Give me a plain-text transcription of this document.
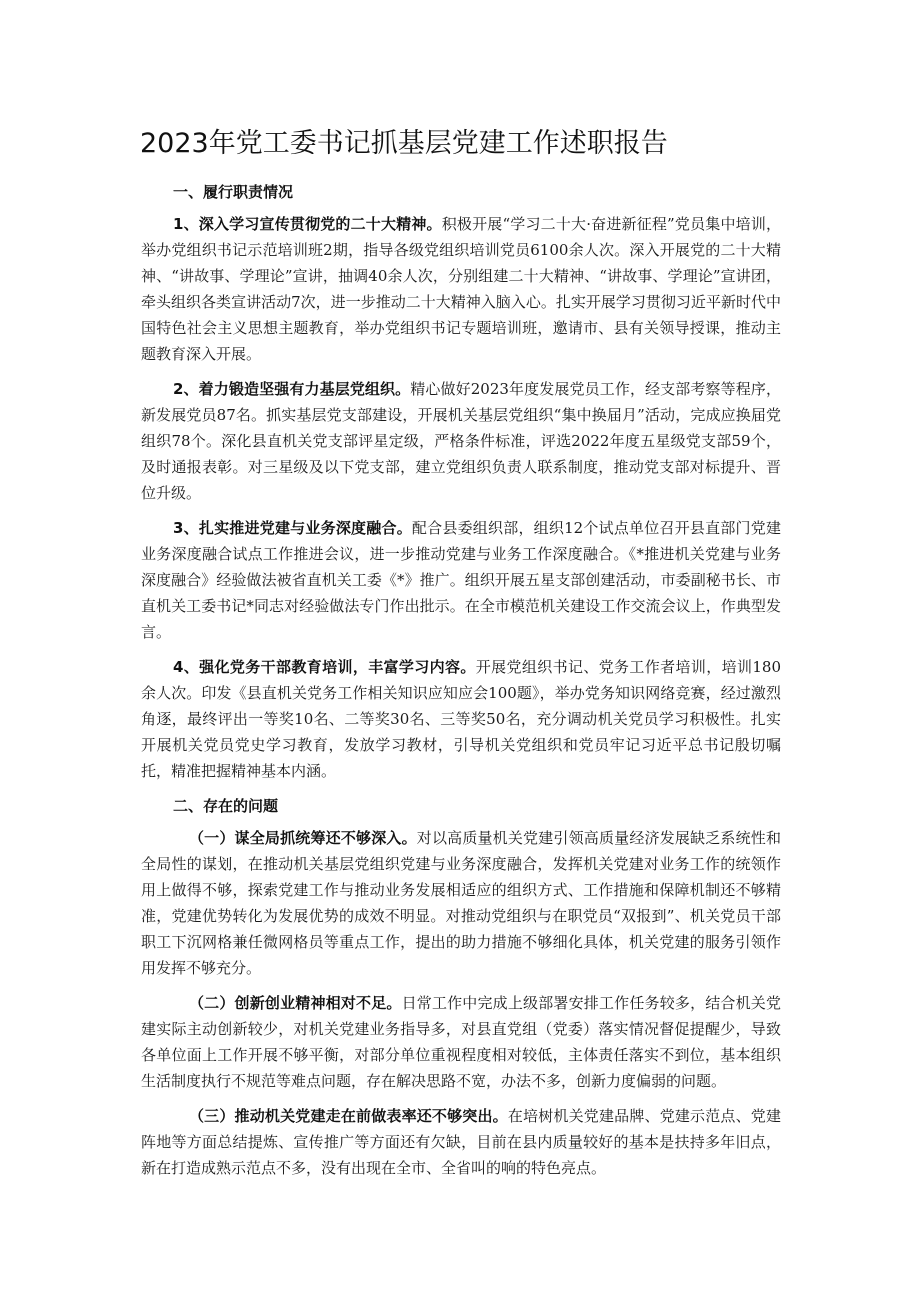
2023年党工委书记抓基层党建工作述职报告

一、履行职责情况

1、深入学习宣传贯彻党的二十大精神。积极开展“学习二十大·奋进新征程”党员集中培训，举办党组织书记示范培训班2期，指导各级党组织培训党员6100余人次。深入开展党的二十大精神、“讲故事、学理论”宣讲，抽调40余人次，分别组建二十大精神、“讲故事、学理论”宣讲团，牵头组织各类宣讲活动7次，进一步推动二十大精神入脑入心。扎实开展学习贯彻习近平新时代中国特色社会主义思想主题教育，举办党组织书记专题培训班，邀请市、县有关领导授课，推动主题教育深入开展。

2、着力锻造坚强有力基层党组织。精心做好2023年度发展党员工作，经支部考察等程序，新发展党员87名。抓实基层党支部建设，开展机关基层党组织“集中换届月”活动，完成应换届党组织78个。深化县直机关党支部评星定级，严格条件标准，评选2022年度五星级党支部59个，及时通报表彰。对三星级及以下党支部，建立党组织负责人联系制度，推动党支部对标提升、晋位升级。

3、扎实推进党建与业务深度融合。配合县委组织部，组织12个试点单位召开县直部门党建业务深度融合试点工作推进会议，进一步推动党建与业务工作深度融合。《*推进机关党建与业务深度融合》经验做法被省直机关工委《*》推广。组织开展五星支部创建活动，市委副秘书长、市直机关工委书记*同志对经验做法专门作出批示。在全市模范机关建设工作交流会议上，作典型发言。

4、强化党务干部教育培训，丰富学习内容。开展党组织书记、党务工作者培训，培训180余人次。印发《县直机关党务工作相关知识应知应会100题》，举办党务知识网络竞赛，经过激烈角逐，最终评出一等奖10名、二等奖30名、三等奖50名，充分调动机关党员学习积极性。扎实开展机关党员党史学习教育，发放学习教材，引导机关党组织和党员牢记习近平总书记殷切嘱托，精准把握精神基本内涵。

二、存在的问题

（一）谋全局抓统筹还不够深入。对以高质量机关党建引领高质量经济发展缺乏系统性和全局性的谋划，在推动机关基层党组织党建与业务深度融合，发挥机关党建对业务工作的统领作用上做得不够，探索党建工作与推动业务发展相适应的组织方式、工作措施和保障机制还不够精准，党建优势转化为发展优势的成效不明显。对推动党组织与在职党员“双报到”、机关党员干部职工下沉网格兼任微网格员等重点工作，提出的助力措施不够细化具体，机关党建的服务引领作用发挥不够充分。

（二）创新创业精神相对不足。日常工作中完成上级部署安排工作任务较多，结合机关党建实际主动创新较少，对机关党建业务指导多，对县直党组（党委）落实情况督促提醒少，导致各单位面上工作开展不够平衡，对部分单位重视程度相对较低，主体责任落实不到位，基本组织生活制度执行不规范等难点问题，存在解决思路不宽，办法不多，创新力度偏弱的问题。

（三）推动机关党建走在前做表率还不够突出。在培树机关党建品牌、党建示范点、党建阵地等方面总结提炼、宣传推广等方面还有欠缺，目前在县内质量较好的基本是扶持多年旧点，新在打造成熟示范点不多，没有出现在全市、全省叫的响的特色亮点。
